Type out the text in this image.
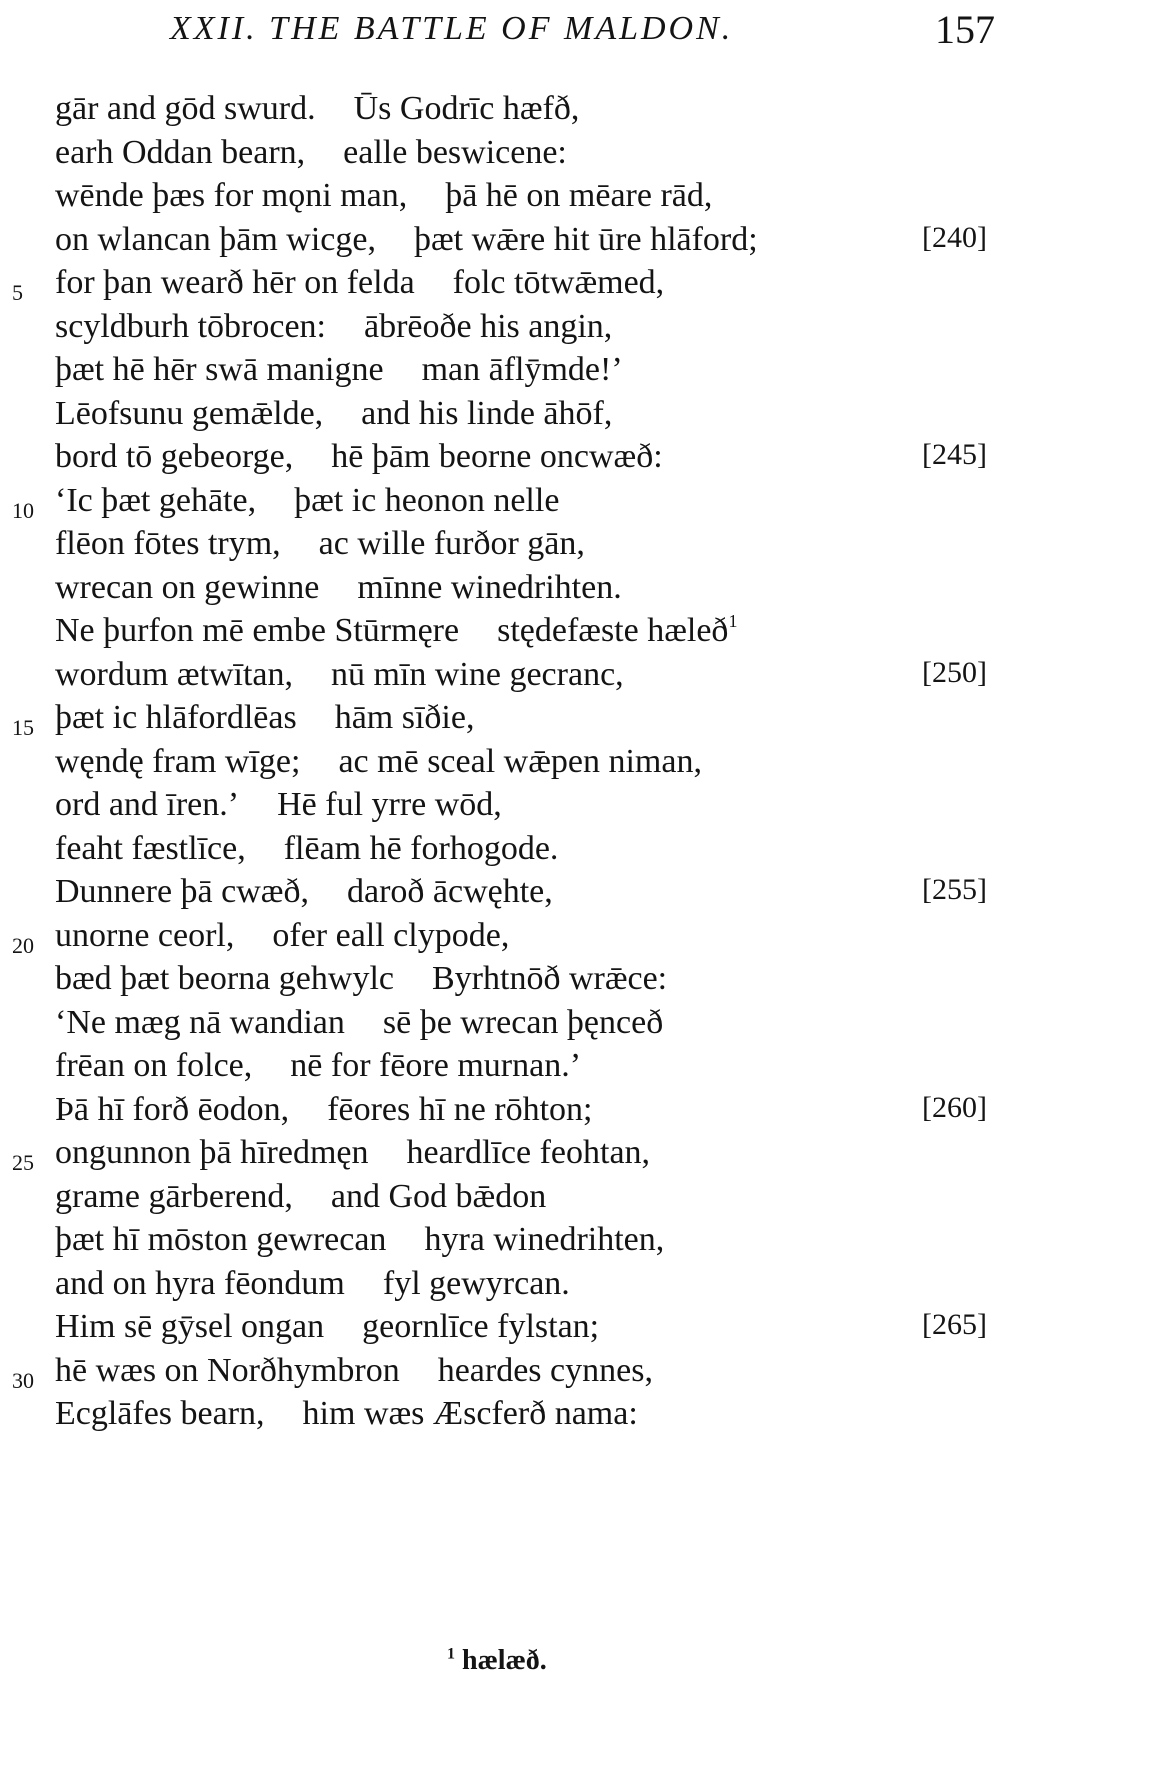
XXII. THE BATTLE OF MALDON.	157
gār and gōd swurd. Ūs Godrīc hæfð,
earh Oddan bearn, ealle beswicene:
wēnde þæs for mǫni man, þā hē on mēare rād,
on wlancan þām wicge, þæt wǣre hit ūre hlāford;	[240]
5 for þan wearð hēr on felda folc tōtwǣmed,
scyldburh tōbrocen: ābrēoðe his angin,
þæt hē hēr swā manigne man āflȳmde!’
Lēofsunu gemǣlde, and his linde āhōf,
bord tō gebeorge, hē þām beorne oncwæð:	[245]
10 ‘Ic þæt gehāte, þæt ic heonon nelle
flēon fōtes trym, ac wille furðor gān,
wrecan on gewinne mīnne winedrihten.
Ne þurfon mē embe Stūrmęre stędefæste hæleð$^1$
wordum ætwītan, nū mīn wine gecranc,	[250]
15 þæt ic hlāfordlēas hām sīðie,
węndę fram wīge; ac mē sceal wǣpen niman,
ord and īren.’ Hē ful yrre wōd,
feaht fæstlīce, flēam hē forhogode.
Dunnere þā cwæð, daroð ācwęhte,	[255]
20 unorne ceorl, ofer eall clypode,
bæd þæt beorna gehwylc Byrhtnōð wrǣce:
‘Ne mæg nā wandian sē þe wrecan þęnceð
frēan on folce, nē for fēore murnan.’
Þā hī forð ēodon, fēores hī ne rōhton;	[260]
25 ongunnon þā hīredmęn heardlīce feohtan,
grame gārberend, and God bǣdon
þæt hī mōston gewrecan hyra winedrihten,
and on hyra fēondum fyl gewyrcan.
Him sē gȳsel ongan geornlīce fylstan;	[265]
30 hē wæs on Norðhymbron heardes cynnes,
Ecglāfes bearn, him wæs Æscferð nama:
$^1$ hælæð.
